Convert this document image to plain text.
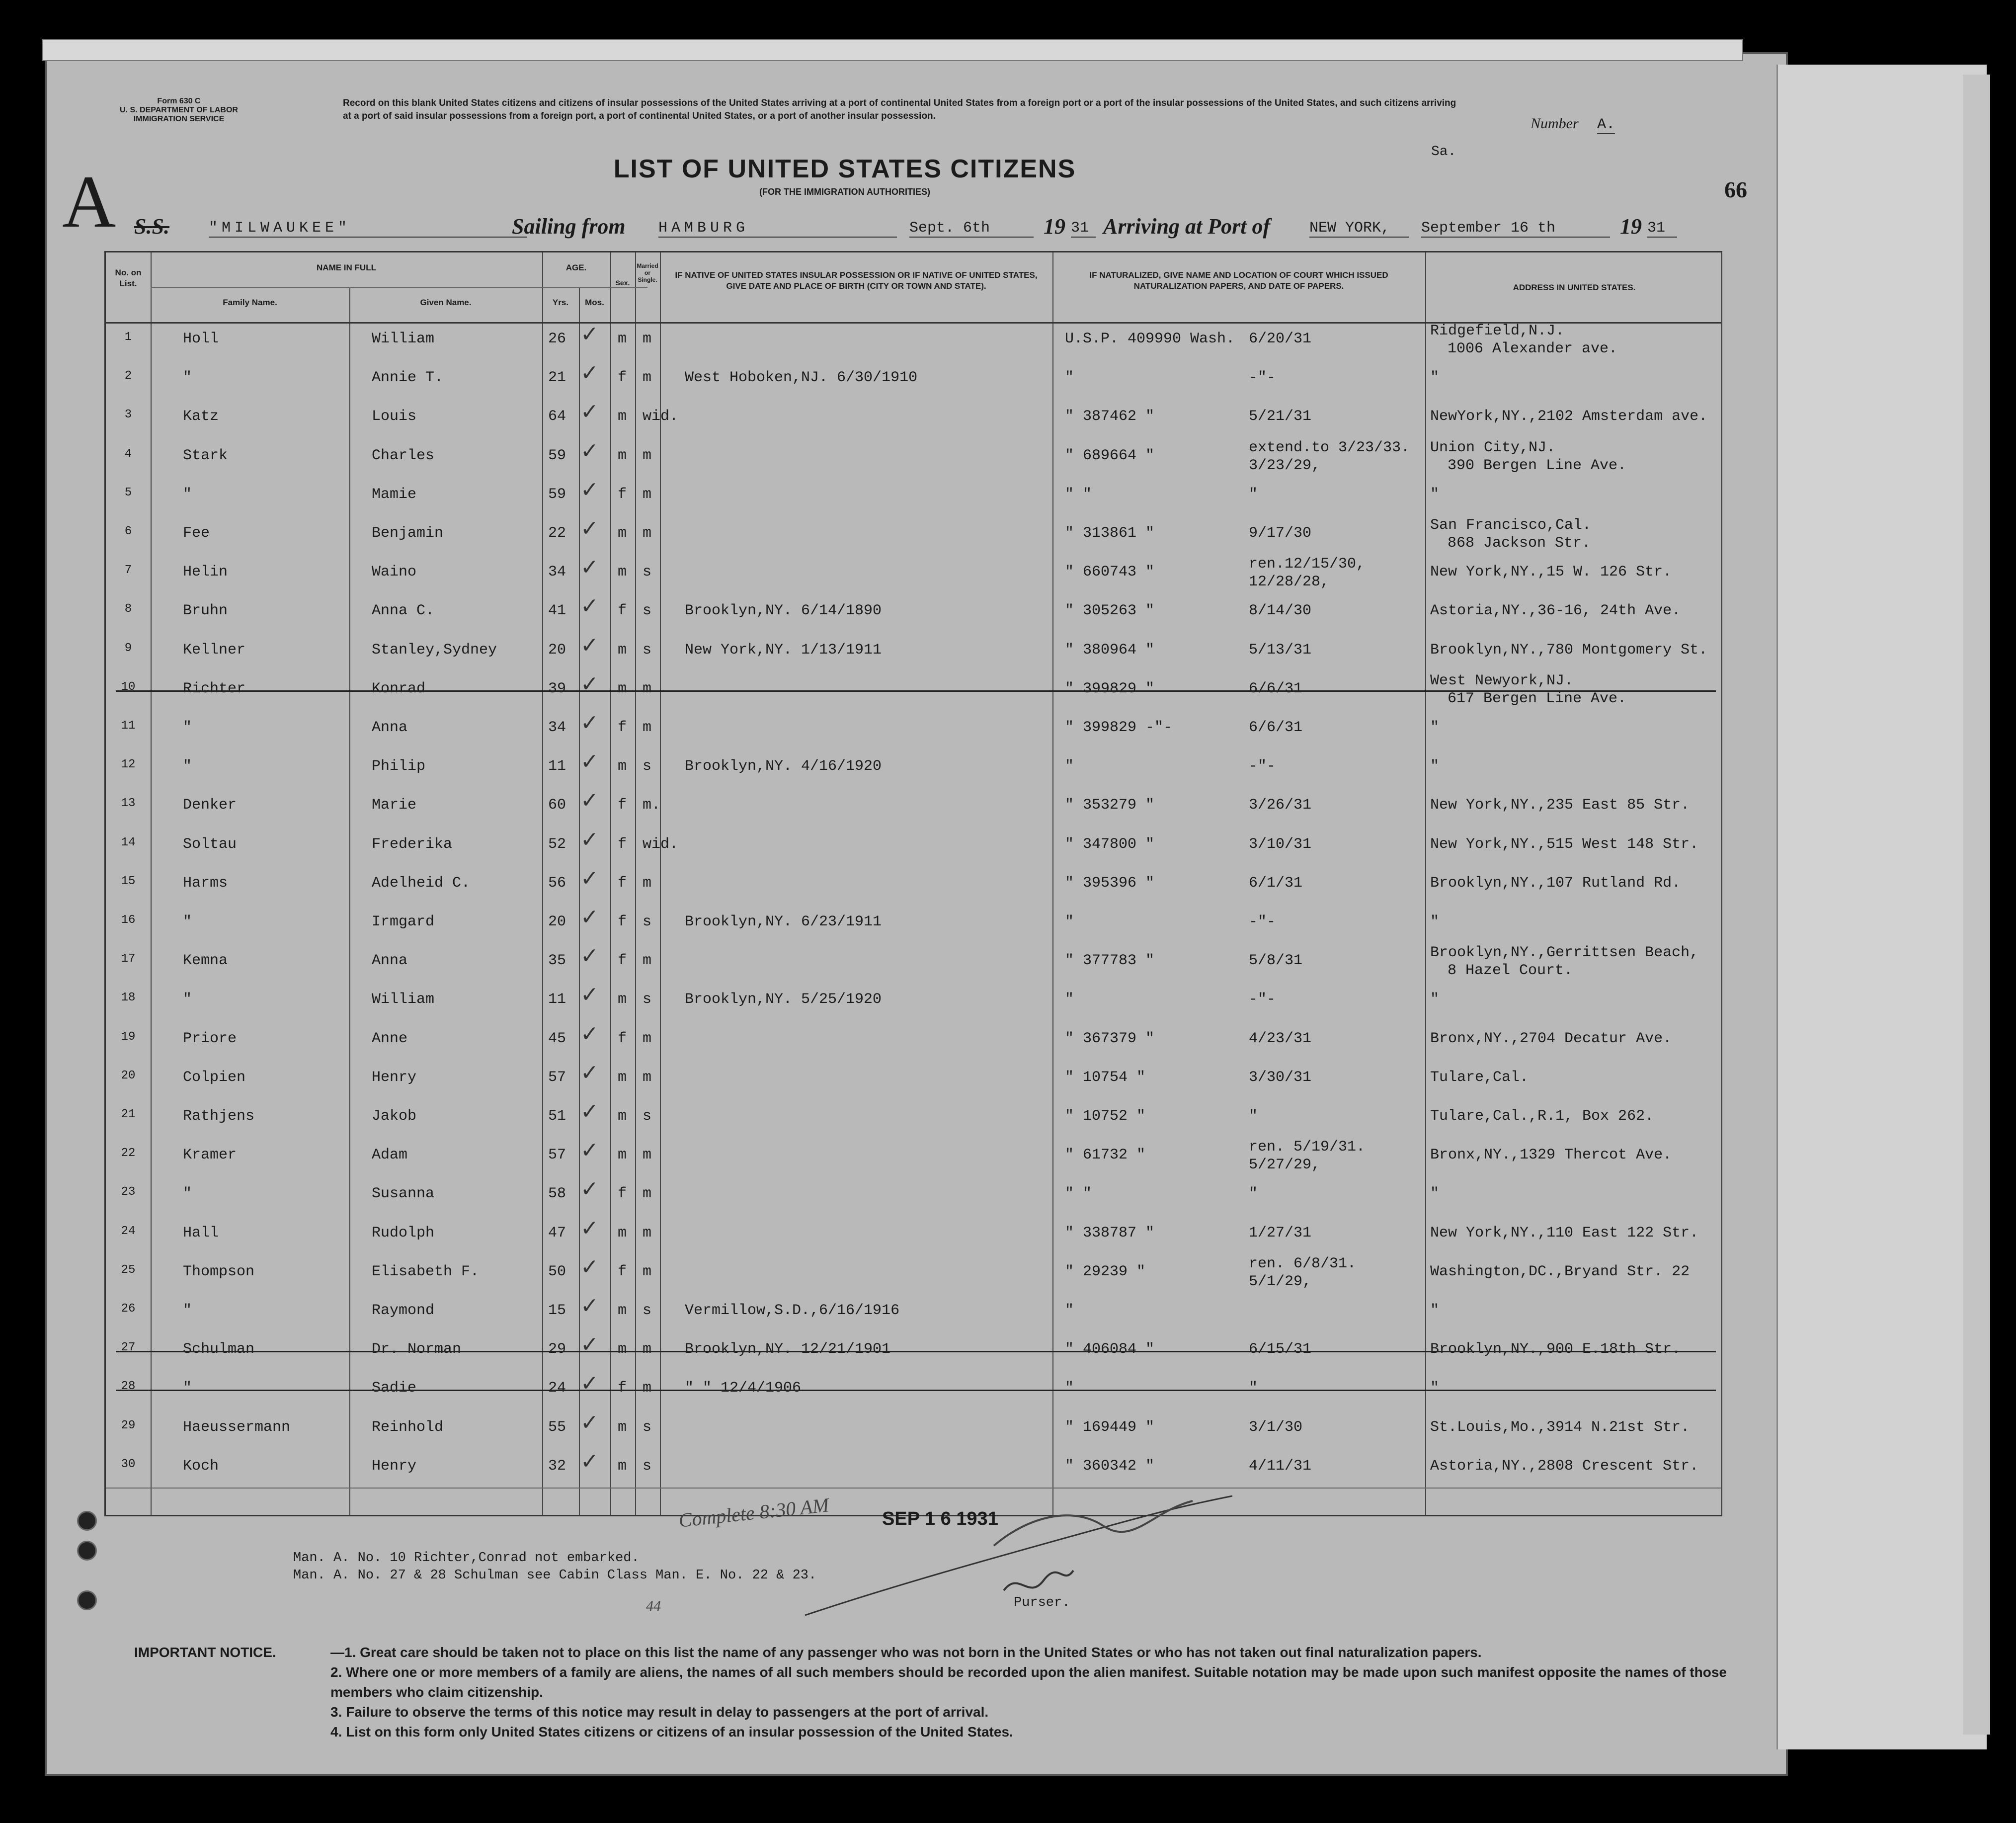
Form 630 C
U. S. DEPARTMENT OF LABOR
IMMIGRATION SERVICE
Record on this blank United States citizens and citizens of insular possessions of the United States arriving at a port of continental United States from a foreign port or a port of the insular possessions of the United States, and such citizens arriving at a port of said insular possessions from a foreign port, a port of continental United States, or a port of another insular possession.	Number A.
Sa.
A	LIST OF UNITED STATES CITIZENS
(FOR THE IMMIGRATION AUTHORITIES)	66
S.S.	"MILWAUKEE"	Sailing from HAMBURG	Sept. 6th	19 31 Arriving at Port of	NEW YORK,	September 16 th	19 31
No. on List.
NAME IN FULL
Family Name.	Given Name.
AGE.
Yrs.	Mos.
Sex.
Married or Single.	IF NATIVE OF UNITED STATES INSULAR POSSESSION OR IF NATIVE OF UNITED STATES, GIVE DATE AND PLACE OF BIRTH (CITY OR TOWN AND STATE).
IF NATURALIZED, GIVE NAME AND LOCATION OF COURT WHICH ISSUED NATURALIZATION PAPERS, AND DATE OF PAPERS.	ADDRESS IN UNITED STATES.
1	Holl	William	26	m m	U.S.P. 409990 Wash. 6/20/31	Ridgefield,N.J.
1006 Alexander ave.
✓
2	"	Annie T.	21	f m West Hoboken,NJ. 6/30/1910	"	-"-	"
✓
3	Katz	Louis	64	m wid.	" 387462 "	5/21/31	NewYork,NY.,2102 Amsterdam ave.
✓
4	Stark	Charles	59	m m	" 689664 "	extend.to 3/23/33. Union City,NJ.
3/23/29,	390 Bergen Line Ave.
✓
5	"	Mamie	59	f m	" "	"	"
✓
6	Fee	Benjamin	22	m m	" 313861 "	9/17/30	San Francisco,Cal.
868 Jackson Str.
✓
7	Helin	Waino	34	m s	" 660743 "	ren.12/15/30,	New York,NY.,15 W. 126 Str.
12/28/28,
✓
8	Bruhn	Anna C.	41	f s Brooklyn,NY. 6/14/1890	" 305263 "	8/14/30	Astoria,NY.,36-16, 24th Ave.
✓
9	Kellner	Stanley,Sydney	20	m s New York,NY. 1/13/1911	" 380964 "	5/13/31	Brooklyn,NY.,780 Montgomery St.
✓
10	Richter	Konrad	39	m m	" 399829 "	6/6/31	West Newyork,NJ.
617 Bergen Line Ave.
✓
11	"	Anna	34	f m	" 399829 -"-	6/6/31	"
✓
12	"	Philip	11	m s Brooklyn,NY. 4/16/1920	"	-"-	"
✓
13	Denker	Marie	60	f m.	" 353279 "	3/26/31	New York,NY.,235 East 85 Str.
✓
14	Soltau	Frederika	52	f wid.	" 347800 "	3/10/31	New York,NY.,515 West 148 Str.
✓
15	Harms	Adelheid C.	56	f m	" 395396 "	6/1/31	Brooklyn,NY.,107 Rutland Rd.
✓
16	"	Irmgard	20	f s Brooklyn,NY. 6/23/1911	"	-"-	"
✓
17	Kemna	Anna	35	f m	" 377783 "	5/8/31	Brooklyn,NY.,Gerrittsen Beach,
8 Hazel Court.
✓
18	"	William	11	m s Brooklyn,NY. 5/25/1920	"	-"-	"
✓
19	Priore	Anne	45	f m	" 367379 "	4/23/31	Bronx,NY.,2704 Decatur Ave.
✓
20	Colpien	Henry	57	m m	" 10754 "	3/30/31	Tulare,Cal.
✓
21	Rathjens	Jakob	51	m s	" 10752 "	"	Tulare,Cal.,R.1, Box 262.
✓
22	Kramer	Adam	57	m m	" 61732 "	ren. 5/19/31.	Bronx,NY.,1329 Thercot Ave.
5/27/29,
✓
23	"	Susanna	58	f m	" "	"	"
✓
24	Hall	Rudolph	47	m m	" 338787 "	1/27/31	New York,NY.,110 East 122 Str.
✓
25	Thompson	Elisabeth F.	50	f m	" 29239 "	ren. 6/8/31.	Washington,DC.,Bryand Str. 22
5/1/29,
✓
26	"	Raymond	15	m s Vermillow,S.D.,6/16/1916	"	"
✓
27	Schulman	Dr. Norman	29	m m Brooklyn,NY. 12/21/1901	" 406084 "	6/15/31	Brooklyn,NY.,900 E.18th Str.
✓
28	"	Sadie	24	f m " " 12/4/1906	"	"	"
✓
29	Haeussermann	Reinhold	55	m s	" 169449 "	3/1/30	St.Louis,Mo.,3914 N.21st Str.
✓
30	Koch	Henry	32	m s	" 360342 "	4/11/31	Astoria,NY.,2808 Crescent Str.
✓
Man. A. No. 10 Richter,Conrad not embarked.
Man. A. No. 27 & 28 Schulman see Cabin Class Man. E. No. 22 & 23.
SEP 1 6 1931
Complete 8:30 AM
44	Purser.
IMPORTANT NOTICE.	—1. Great care should be taken not to place on this list the name of any passenger who was not born in the United States or who has not taken out final naturalization papers.
2. Where one or more members of a family are aliens, the names of all such members should be recorded upon the alien manifest. Suitable notation may be made upon such manifest opposite the names of those members who claim citizenship.
3. Failure to observe the terms of this notice may result in delay to passengers at the port of arrival.
4. List on this form only United States citizens or citizens of an insular possession of the United States.
